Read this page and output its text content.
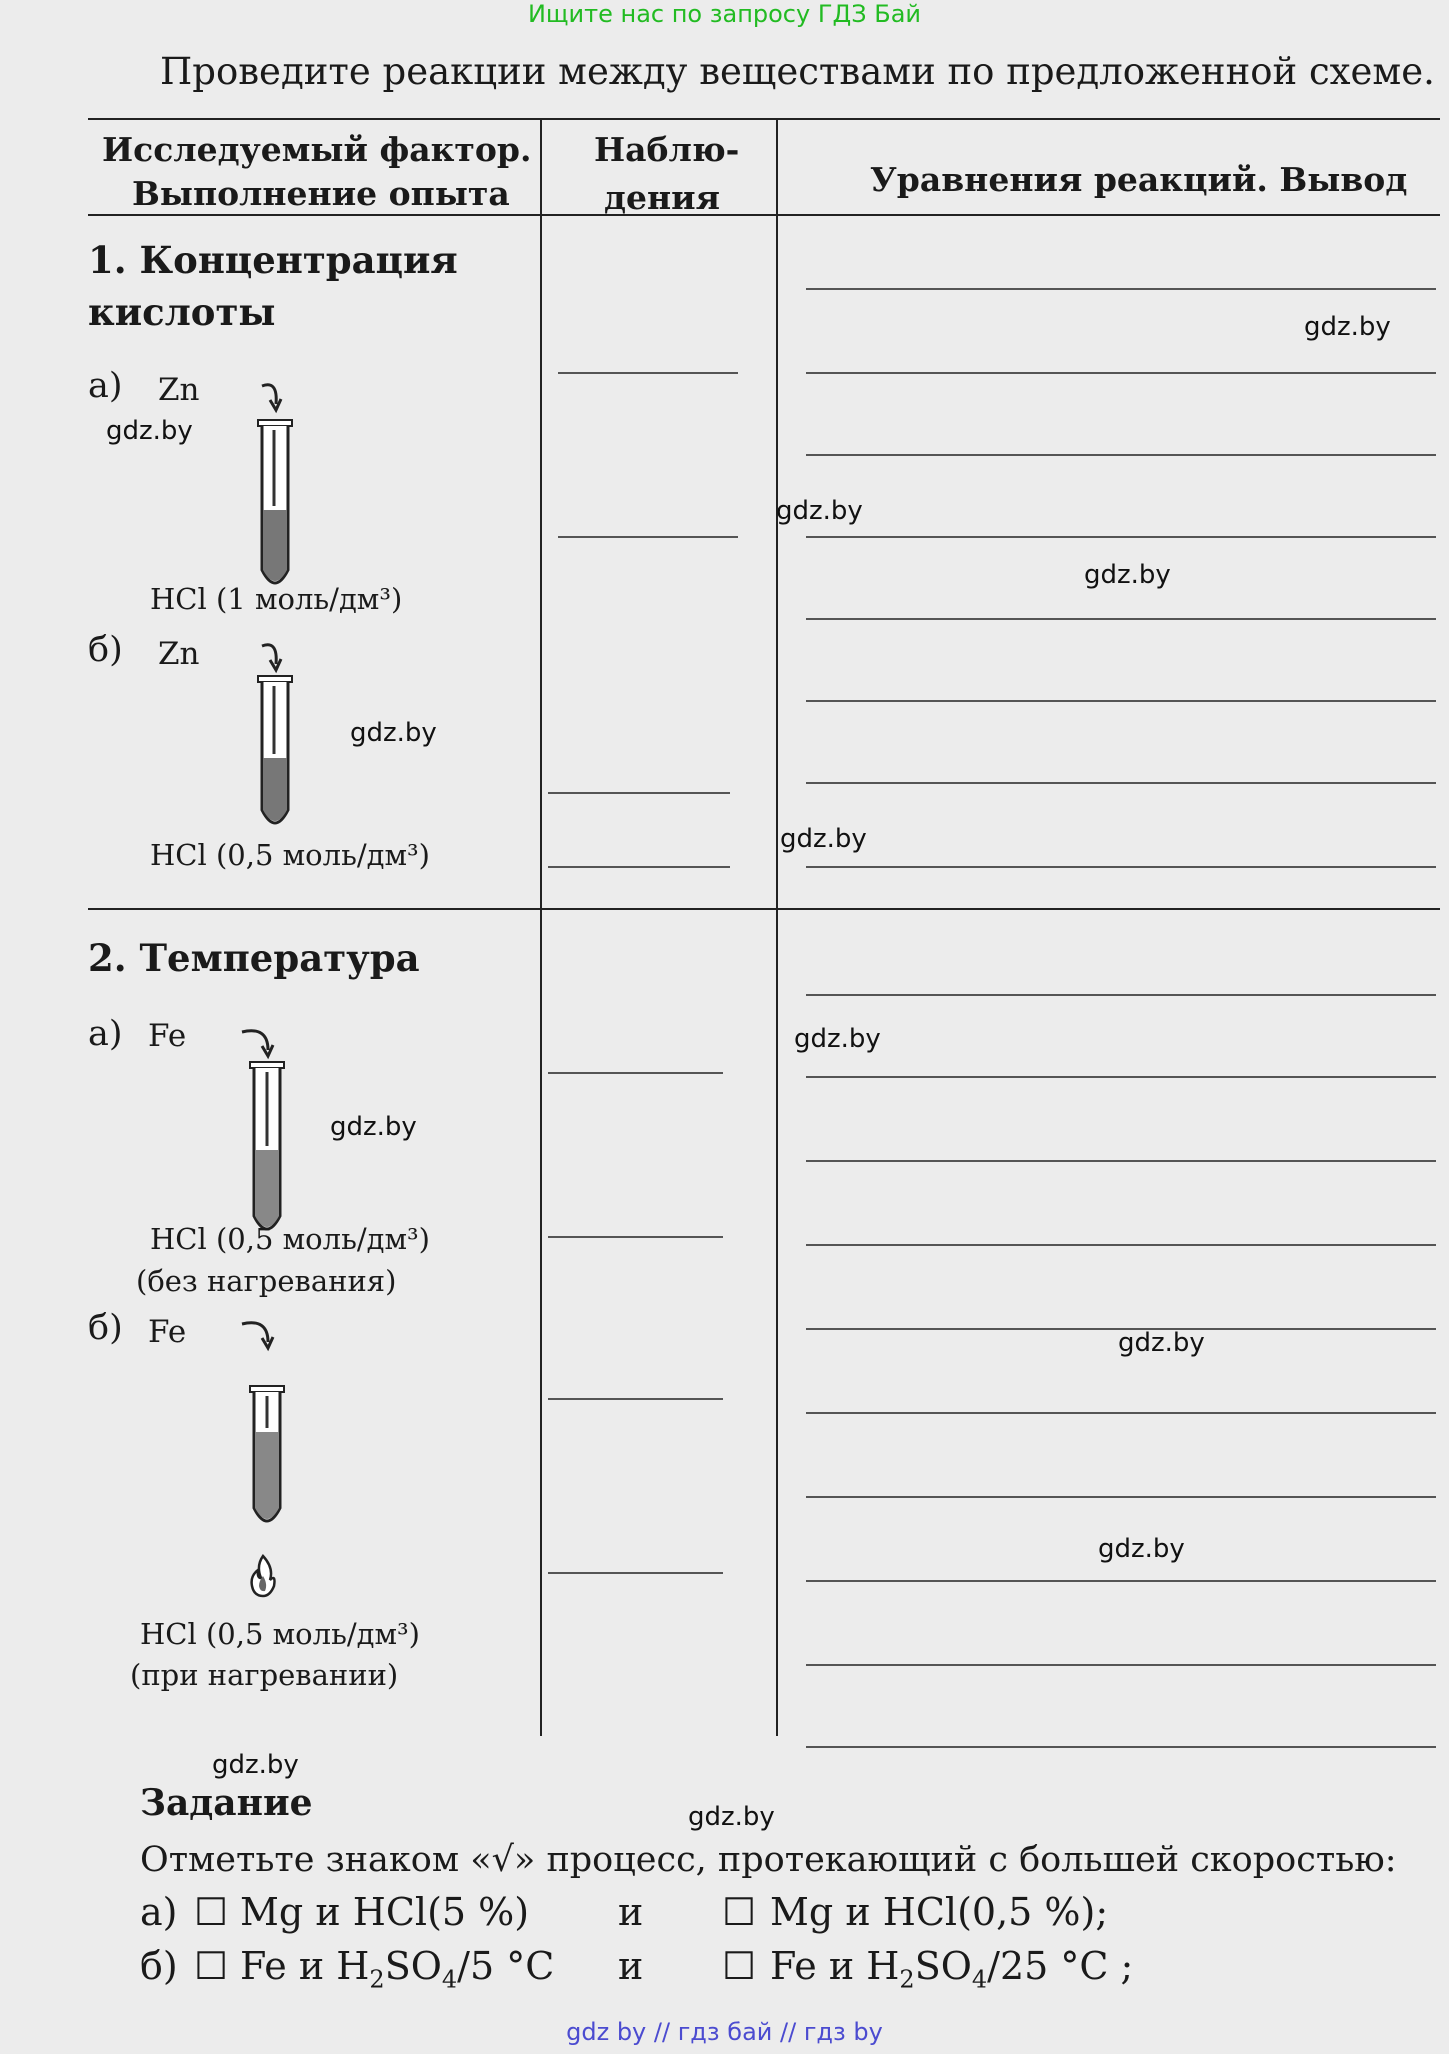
Ищите нас по запросу ГДЗ Бай
Проведите реакции между веществами по предложенной схеме.
Исследуемый фактор.
Выполнение опыта
Наблю-
дения	Уравнения реакций. Вывод
1. Концентрация
кислоты
а) Zn
HCl (1 моль/дм³)
б) Zn
HCl (0,5 моль/дм³)
2. Температура
а) Fe
HCl (0,5 моль/дм³)
(без нагревания)
б) Fe
HCl (0,5 моль/дм³)
(при нагревании)
gdz.by
gdz.by
gdz.by
gdz.by
gdz.by
gdz.by
gdz.by
gdz.by
gdz.by
gdz.by
gdz.by
gdz.by
Задание
Отметьте знаком «√» процесс, протекающий с большей скоростью:
а) ☐ Mg и HCl(5 %) и ☐ Mg и HCl(0,5 %);
б) ☐ Fe и $H_2SO_4/5$ °C и ☐ Fe и $H_2SO_4/25$ °C ;
gdz by // гдз бай // гдз by
